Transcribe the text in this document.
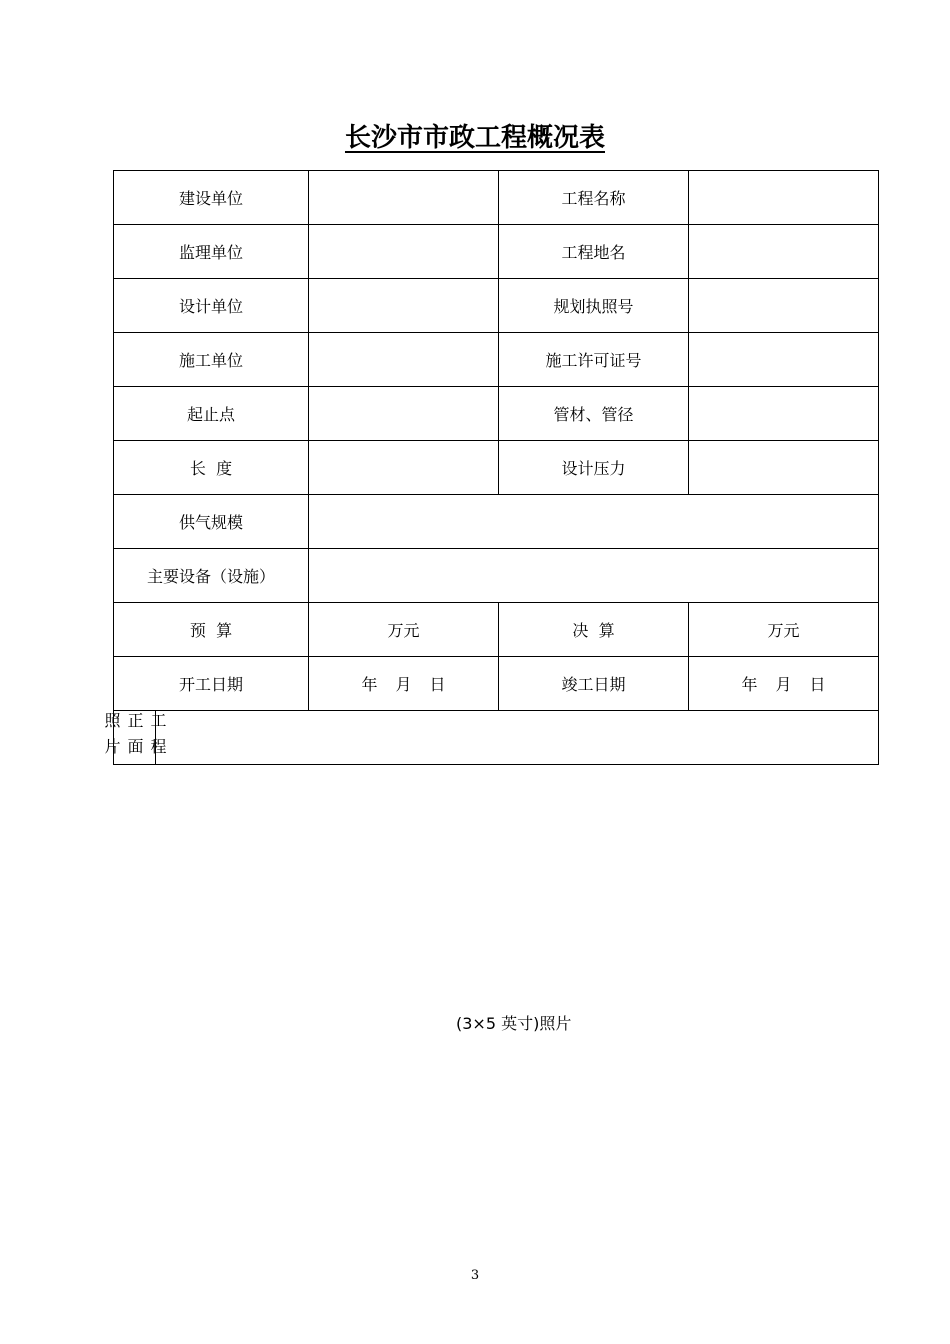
长沙市市政工程概况表
建设单位			工程名称	
监理单位			工程地名	
设计单位			规划执照号	
施工单位			施工许可证号	
起止点			管材、管径	
长  度			设计压力	
供气规模				
主要设备（设施）				
预  算		万元	决  算	万元
开工日期		年 月 日	竣工日期	年 月 日
工程正面照片	(3×5 英寸)照片			
3
